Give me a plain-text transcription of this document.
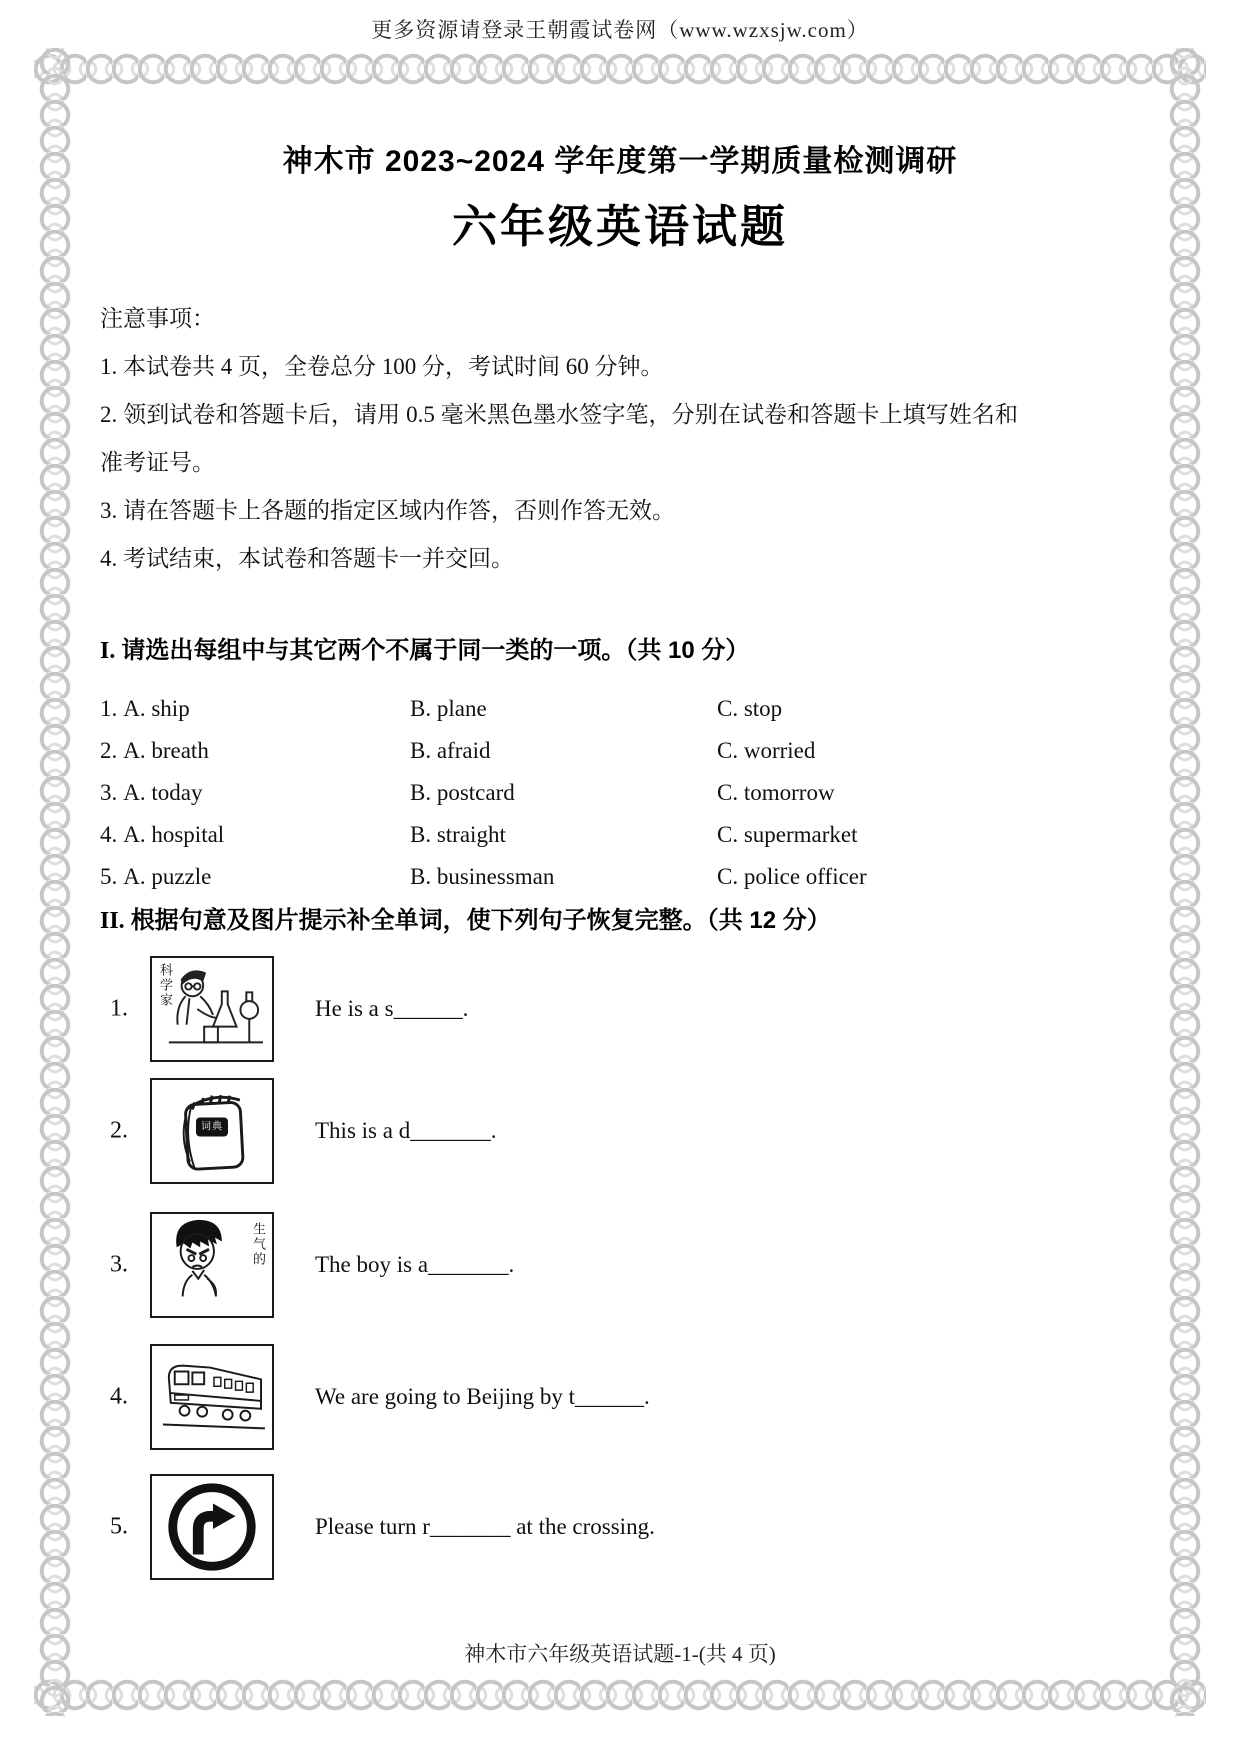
更多资源请登录王朝霞试卷网（www.wzxsjw.com）
神木市 2023~2024 学年度第一学期质量检测调研
六年级英语试题

注意事项：

1. 本试卷共 4 页，全卷总分 100 分，考试时间 60 分钟。

2. 领到试卷和答题卡后，请用 0.5 毫米黑色墨水签字笔，分别在试卷和答题卡上填写姓名和准考证号。

3. 请在答题卡上各题的指定区域内作答，否则作答无效。

4. 考试结束，本试卷和答题卡一并交回。

I. 请选出每组中与其它两个不属于同一类的一项。（共 10 分）
1. A. ship	B. plane	C. stop
2. A. breath	B. afraid	C. worried
3. A. today	B. postcard	C. tomorrow
4. A. hospital	B. straight	C. supermarket
5. A. puzzle	B. businessman	C. police officer
II. 根据句意及图片提示补全单词，使下列句子恢复完整。（共 12 分）
1.
科学家
He is a s______.
2.	词典	This is a d_______.
3.	生气的 The boy is a_______.
4.	We are going to Beijing by t______.
5.	Please turn r_______ at the crossing.
神木市六年级英语试题-1-(共 4 页)
